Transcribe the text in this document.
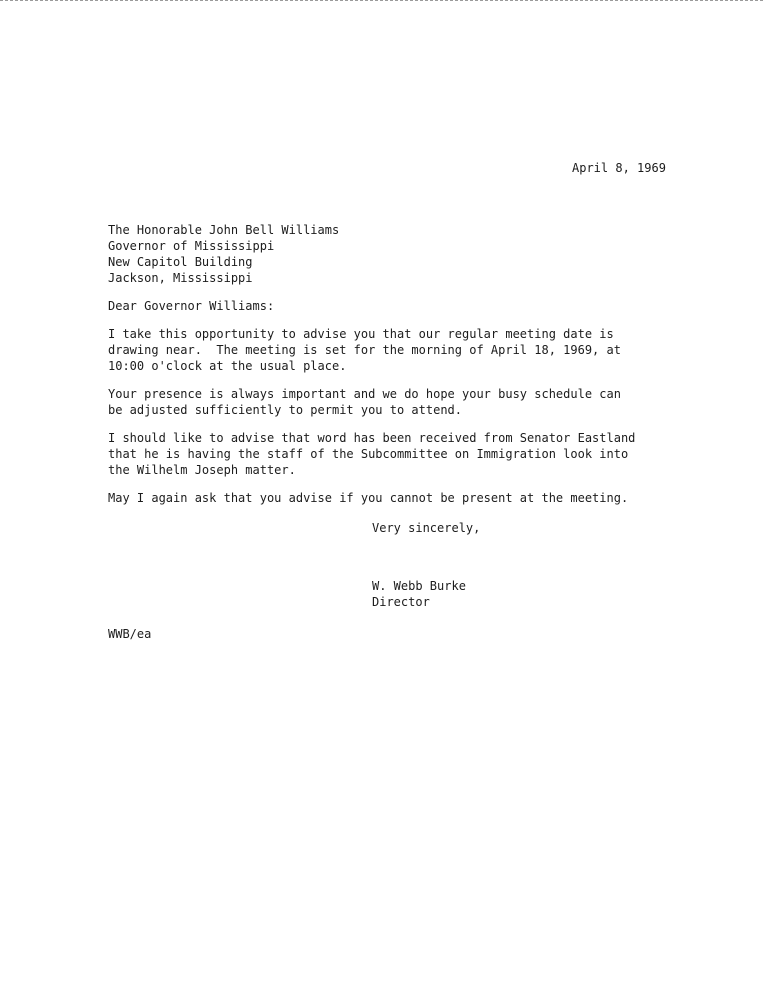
April 8, 1969

The Honorable John Bell Williams

Governor of Mississippi

New Capitol Building

Jackson, Mississippi

Dear Governor Williams:

I take this opportunity to advise you that our regular meeting date is

drawing near.  The meeting is set for the morning of April 18, 1969, at

10:00 o'clock at the usual place.

Your presence is always important and we do hope your busy schedule can

be adjusted sufficiently to permit you to attend.

I should like to advise that word has been received from Senator Eastland

that he is having the staff of the Subcommittee on Immigration look into

the Wilhelm Joseph matter.

May I again ask that you advise if you cannot be present at the meeting.

Very sincerely,

W. Webb Burke

Director

WWB/ea
